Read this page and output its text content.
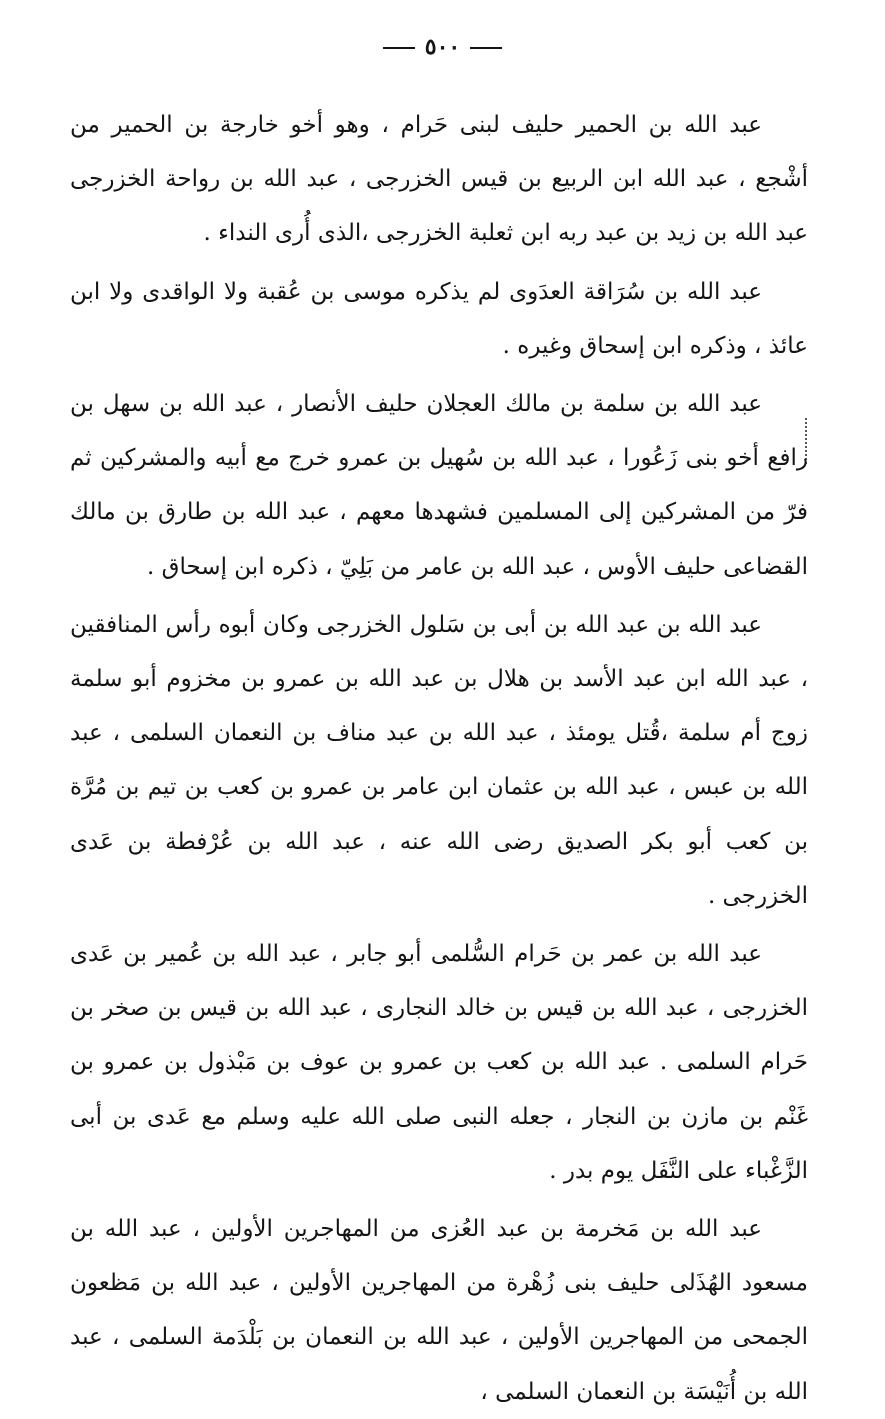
٥٠٠

عبد الله بن الحمير حليف لبنى حَرام ، وهو أخو خارجة بن الحمير من أشْجع ، عبد الله ابن الربيع بن قيس الخزرجى ، عبد الله بن رواحة الخزرجى عبد الله بن زيد بن عبد ربه ابن ثعلبة الخزرجى ،الذى أُرى النداء .

عبد الله بن سُرَاقة العدَوى لم يذكره موسى بن عُقبة ولا الواقدى ولا ابن عائذ ، وذكره ابن إسحاق وغيره .

عبد الله بن سلمة بن مالك العجلان حليف الأنصار ، عبد الله بن سهل بن رافع أخو بنى زَعُورا ، عبد الله بن سُهيل بن عمرو خرج مع أبيه والمشركين ثم فرّ من المشركين إلى المسلمين فشهدها معهم ، عبد الله بن طارق بن مالك القضاعى حليف الأوس ، عبد الله بن عامر من بَلِيّ ، ذكره ابن إسحاق .

عبد الله بن عبد الله بن أبى بن سَلول الخزرجى وكان أبوه رأس المنافقين ، عبد الله ابن عبد الأسد بن هلال بن عبد الله بن عمرو بن مخزوم أبو سلمة زوج أم سلمة ،قُتل يومئذ ، عبد الله بن عبد مناف بن النعمان السلمى ، عبد الله بن عبس ، عبد الله بن عثمان ابن عامر بن عمرو بن كعب بن تيم بن مُرَّة بن كعب أبو بكر الصديق رضى الله عنه ، عبد الله بن عُرْفطة بن عَدى الخزرجى .

عبد الله بن عمر بن حَرام السُّلمى أبو جابر ، عبد الله بن عُمير بن عَدى الخزرجى ، عبد الله بن قيس بن خالد النجارى ، عبد الله بن قيس بن صخر بن حَرام السلمى . عبد الله بن كعب بن عمرو بن عوف بن مَبْذول بن عمرو بن غَنْم بن مازن بن النجار ، جعله النبى صلى الله عليه وسلم مع عَدى بن أبى الزَّغْباء على النَّفَل يوم بدر .

عبد الله بن مَخرمة بن عبد العُزى من المهاجرين الأولين ، عبد الله بن مسعود الهُذَلى حليف بنى زُهْرة من المهاجرين الأولين ، عبد الله بن مَظعون الجمحى من المهاجرين الأولين ، عبد الله بن النعمان بن بَلْدَمة السلمى ، عبد الله بن أُنَيْسَة بن النعمان السلمى ،
